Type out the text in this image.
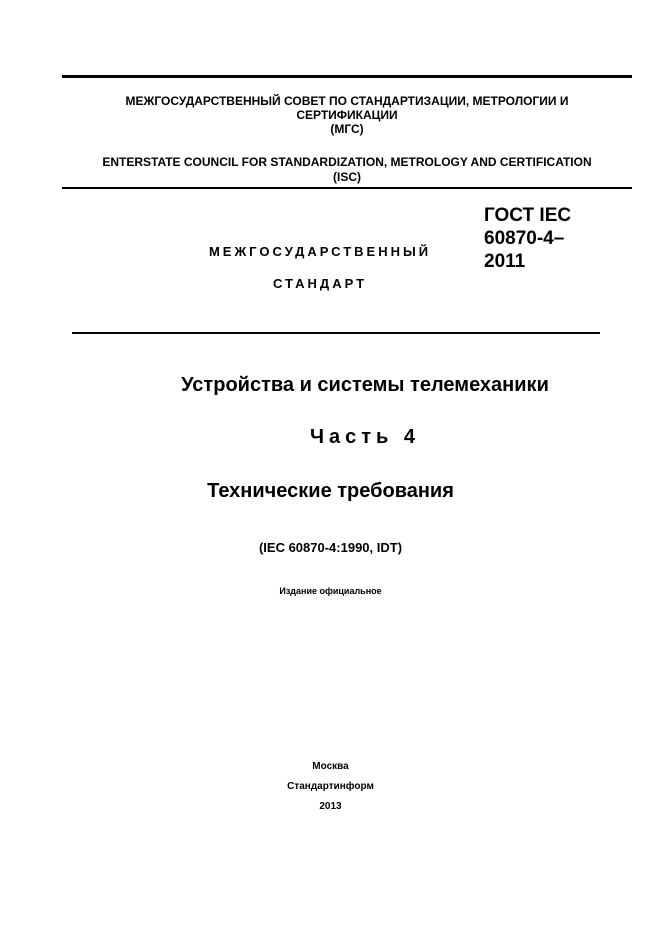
МЕЖГОСУДАРСТВЕННЫЙ СОВЕТ ПО СТАНДАРТИЗАЦИИ, МЕТРОЛОГИИ И
СЕРТИФИКАЦИИ
(МГС)
ENTERSTATE COUNCIL FOR STANDARDIZATION, METROLOGY AND CERTIFICATION
(ISC)
МЕЖГОСУДАРСТВЕННЫЙ
СТАНДАРТ
ГОСТ IEC
60870-4–
2011
Устройства и системы телемеханики
Часть 4
Технические требования
(IEC 60870-4:1990, IDT)
Издание официальное
Москва
Стандартинформ
2013
